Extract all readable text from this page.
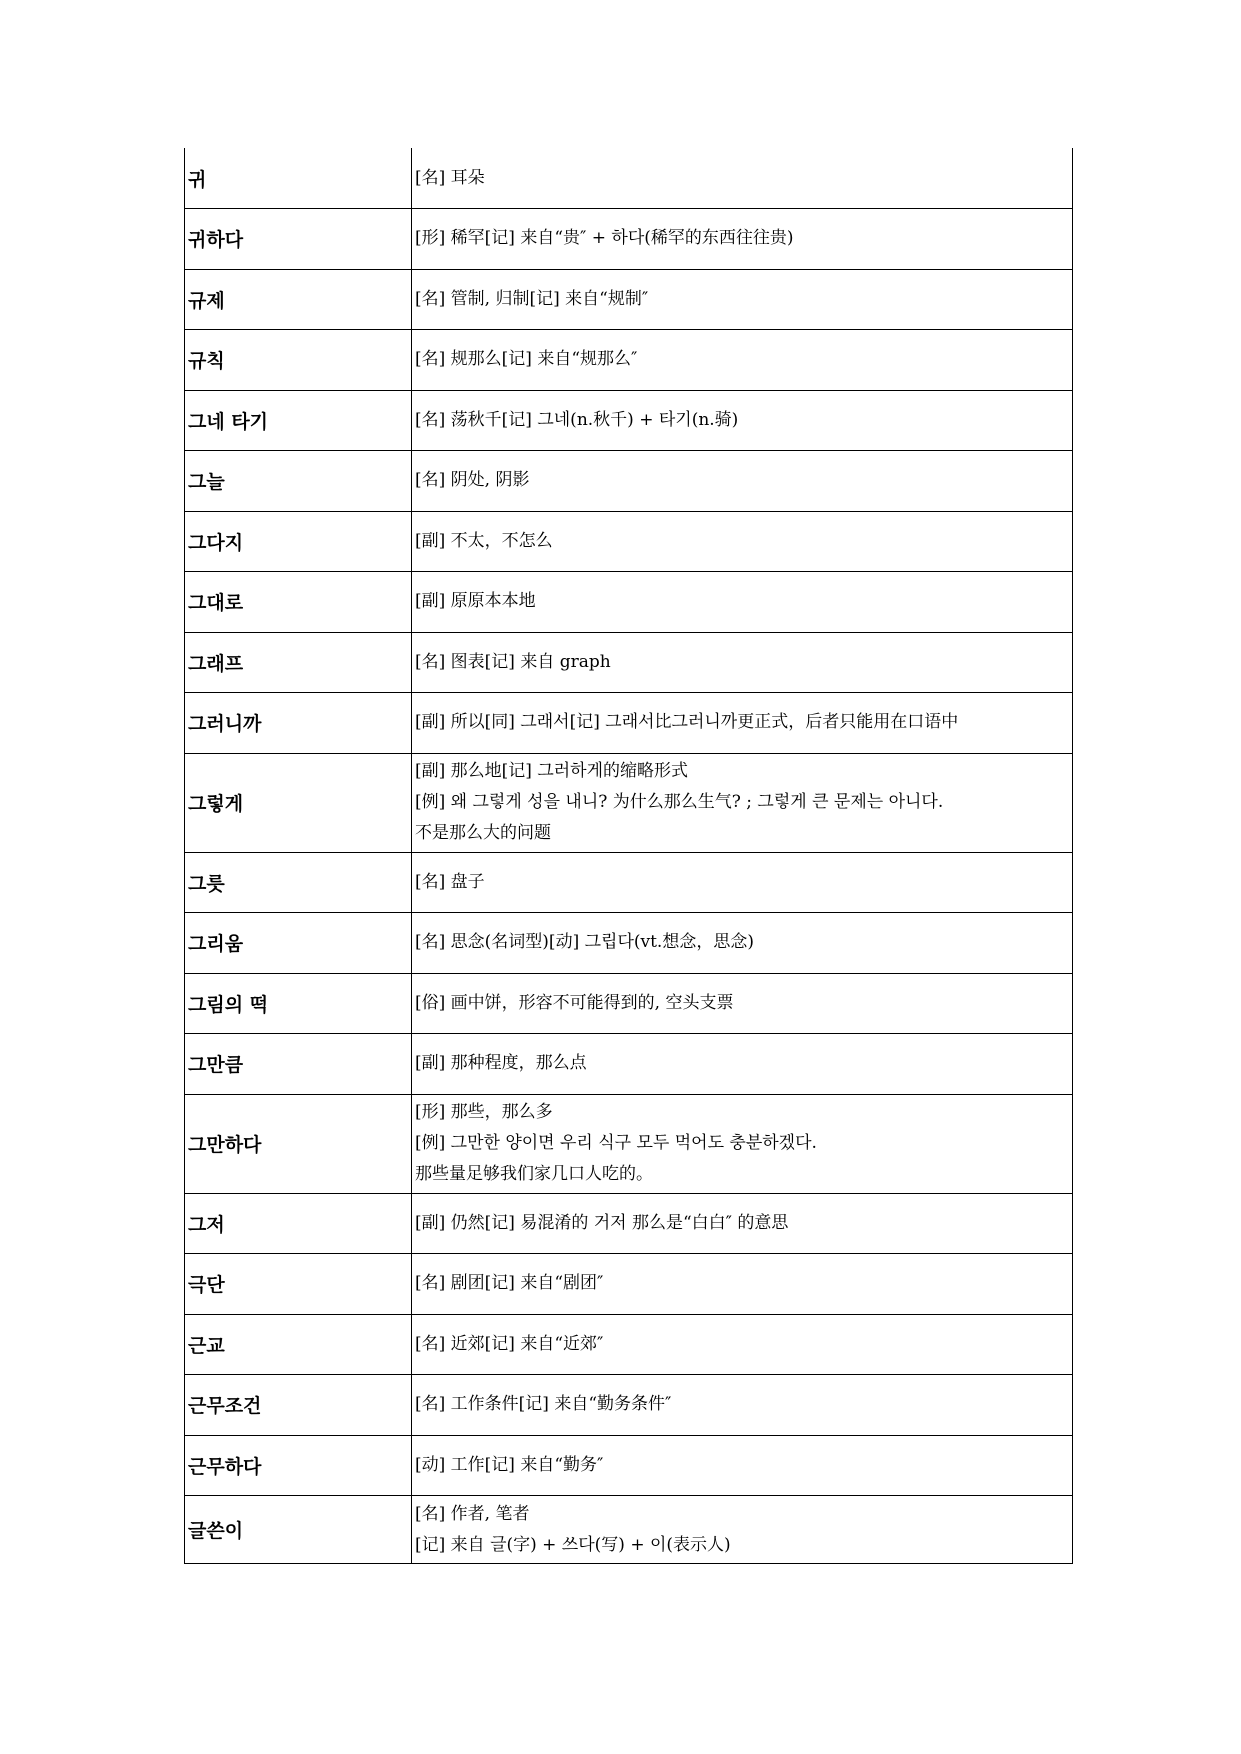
귀	[名] 耳朵

귀하다	[形] 稀罕[记] 来自“贵″ + 하다(稀罕的东西往往贵)

규제	[名] 管制, 归制[记] 来自“规制″

규칙	[名] 规那么[记] 来自“规那么″

그네 타기	[名] 荡秋千[记] 그네(n.秋千) + 타기(n.骑)

그늘	[名] 阴处, 阴影

그다지	[副] 不太，不怎么

그대로	[副] 原原本本地

그래프	[名] 图表[记] 来自 graph

그러니까	[副] 所以[同] 그래서[记] 그래서比그러니까更正式，后者只能用在口语中

그렇게	[副] 那么地[记] 그러하게的缩略形式
[例] 왜 그렇게 성을 내니? 为什么那么生气? ; 그렇게 큰 문제는 아니다.
不是那么大的问题

그릇	[名] 盘子

그리움	[名] 思念(名词型)[动] 그립다(vt.想念，思念)

그림의 떡	[俗] 画中饼，形容不可能得到的, 空头支票

그만큼	[副] 那种程度，那么点

그만하다	[形] 那些，那么多
[例] 그만한 양이면 우리 식구 모두 먹어도 충분하겠다.
那些量足够我们家几口人吃的。

그저	[副] 仍然[记] 易混淆的 거저 那么是“白白″ 的意思

극단	[名] 剧团[记] 来自“剧团″

근교	[名] 近郊[记] 来自“近郊″

근무조건	[名] 工作条件[记] 来自“勤务条件″

근무하다	[动] 工作[记] 来自“勤务″

글쓴이	[名] 作者, 笔者
[记] 来自 글(字) + 쓰다(写) + 이(表示人)
